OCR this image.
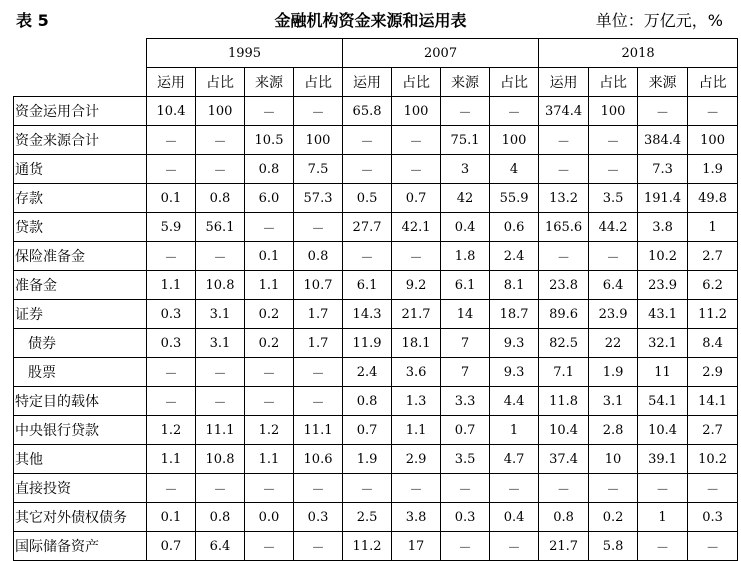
表 5	金融机构资金来源和运用表	单位：万亿元，%
	1995				2007				2018			
	运用	占比	来源	占比	运用	占比	来源	占比	运用	占比	来源	占比
资金运用合计	10.4	100	－	－	65.8	100	－	－	374.4	100	－	－
资金来源合计	－	－	10.5	100	－	－	75.1	100	－	－	384.4	100
通货	－	－	0.8	7.5	－	－	3	4	－	－	7.3	1.9
存款	0.1	0.8	6.0	57.3	0.5	0.7	42	55.9	13.2	3.5	191.4	49.8
贷款	5.9	56.1	－	－	27.7	42.1	0.4	0.6	165.6	44.2	3.8	1
保险准备金	－	－	0.1	0.8	－	－	1.8	2.4	－	－	10.2	2.7
准备金	1.1	10.8	1.1	10.7	6.1	9.2	6.1	8.1	23.8	6.4	23.9	6.2
证券	0.3	3.1	0.2	1.7	14.3	21.7	14	18.7	89.6	23.9	43.1	11.2
债券	0.3	3.1	0.2	1.7	11.9	18.1	7	9.3	82.5	22	32.1	8.4
股票	－	－	－	－	2.4	3.6	7	9.3	7.1	1.9	11	2.9
特定目的载体	－	－	－	－	0.8	1.3	3.3	4.4	11.8	3.1	54.1	14.1
中央银行贷款	1.2	11.1	1.2	11.1	0.7	1.1	0.7	1	10.4	2.8	10.4	2.7
其他	1.1	10.8	1.1	10.6	1.9	2.9	3.5	4.7	37.4	10	39.1	10.2
直接投资	－	－	－	－	－	－	－	－	－	－	－	－
其它对外债权债务	0.1	0.8	0.0	0.3	2.5	3.8	0.3	0.4	0.8	0.2	1	0.3
国际储备资产	0.7	6.4	－	－	11.2	17	－	－	21.7	5.8	－	－
